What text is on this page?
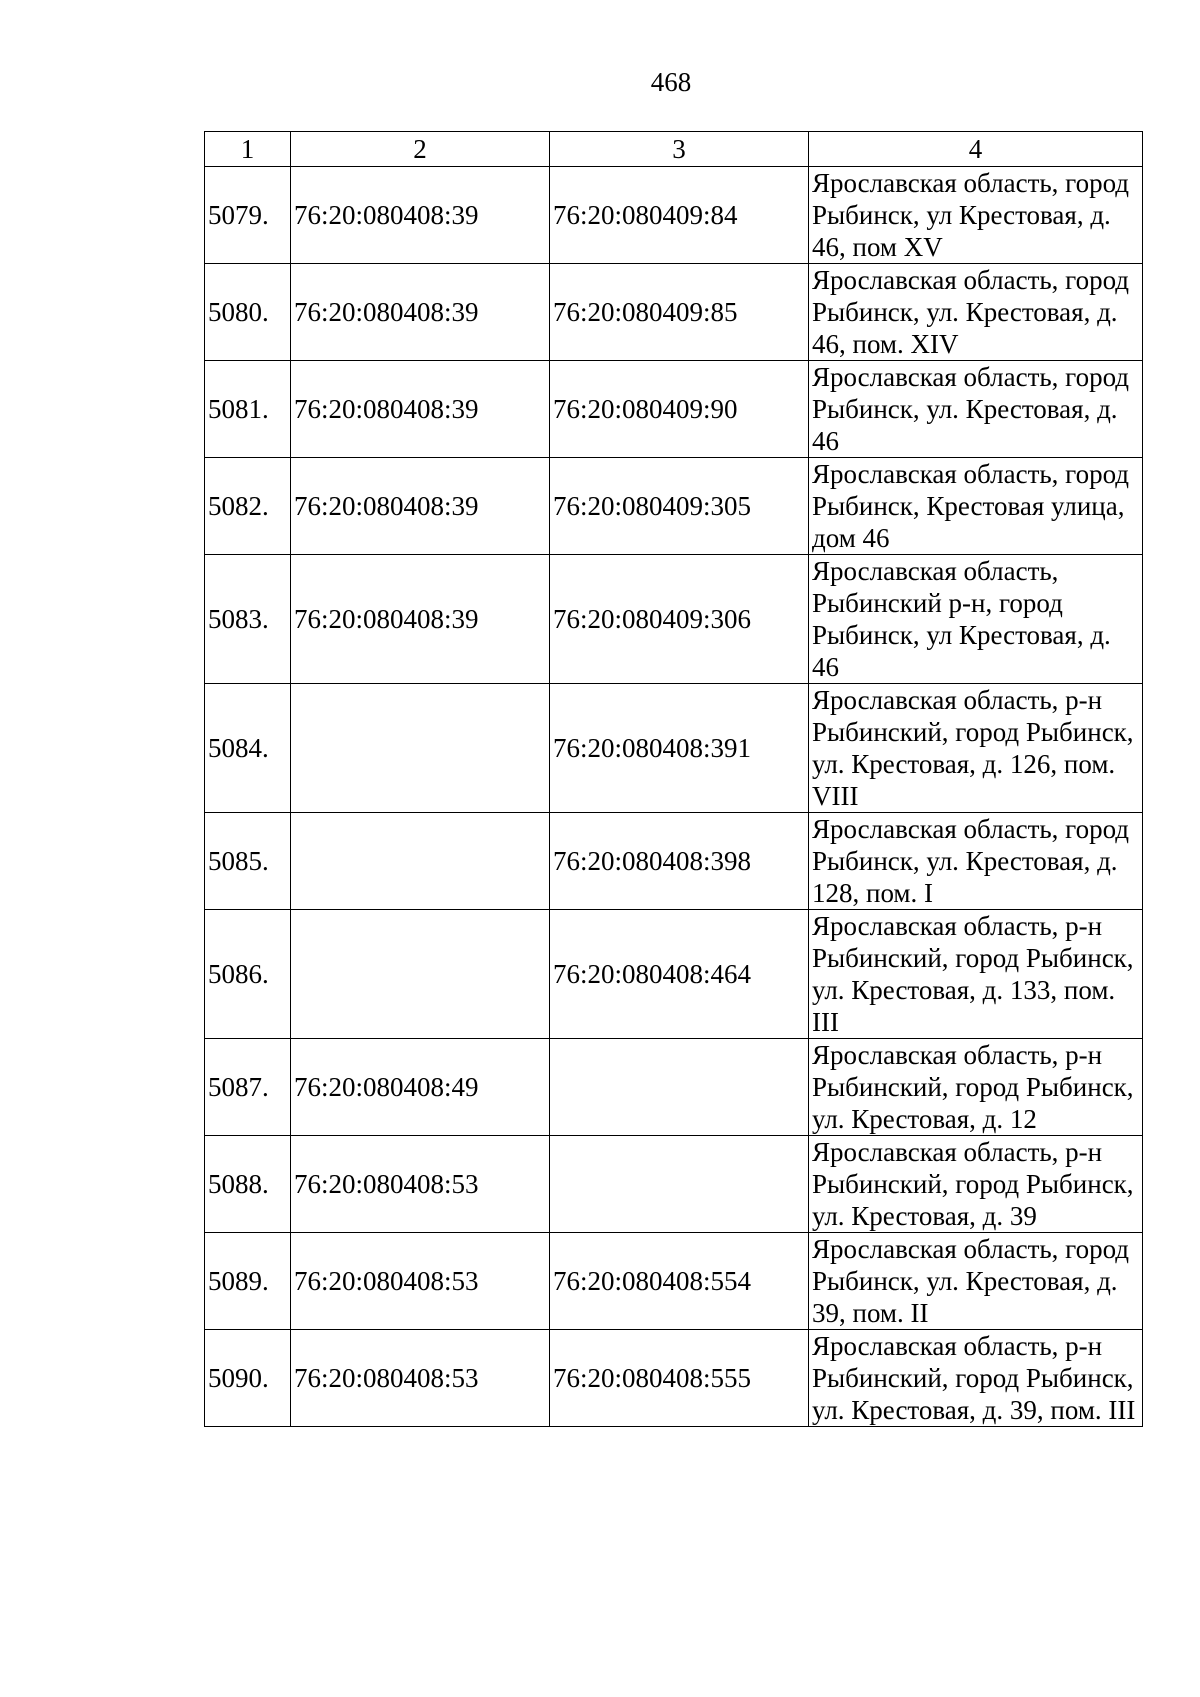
468
1	2	3	4
5079.	76:20:080408:39	76:20:080409:84	Ярославская область, город Рыбинск, ул Крестовая, д. 46, пом XV
5080.	76:20:080408:39	76:20:080409:85	Ярославская область, город Рыбинск, ул. Крестовая, д. 46, пом. XIV
5081.	76:20:080408:39	76:20:080409:90	Ярославская область, город Рыбинск, ул. Крестовая, д. 46
5082.	76:20:080408:39	76:20:080409:305	Ярославская область, город Рыбинск, Крестовая улица, дом 46
5083.	76:20:080408:39	76:20:080409:306	Ярославская область, Рыбинский р-н, город Рыбинск, ул Крестовая, д. 46
5084.		76:20:080408:391	Ярославская область, р-н Рыбинский, город Рыбинск, ул. Крестовая, д. 126, пом. VIII
5085.		76:20:080408:398	Ярославская область, город Рыбинск, ул. Крестовая, д. 128, пом. I
5086.		76:20:080408:464	Ярославская область, р-н Рыбинский, город Рыбинск, ул. Крестовая, д. 133, пом. III
5087.	76:20:080408:49		Ярославская область, р-н Рыбинский, город Рыбинск, ул. Крестовая, д. 12
5088.	76:20:080408:53		Ярославская область, р-н Рыбинский, город Рыбинск, ул. Крестовая, д. 39
5089.	76:20:080408:53	76:20:080408:554	Ярославская область, город Рыбинск, ул. Крестовая, д. 39, пом. II
5090.	76:20:080408:53	76:20:080408:555	Ярославская область, р-н Рыбинский, город Рыбинск, ул. Крестовая, д. 39, пом. III
